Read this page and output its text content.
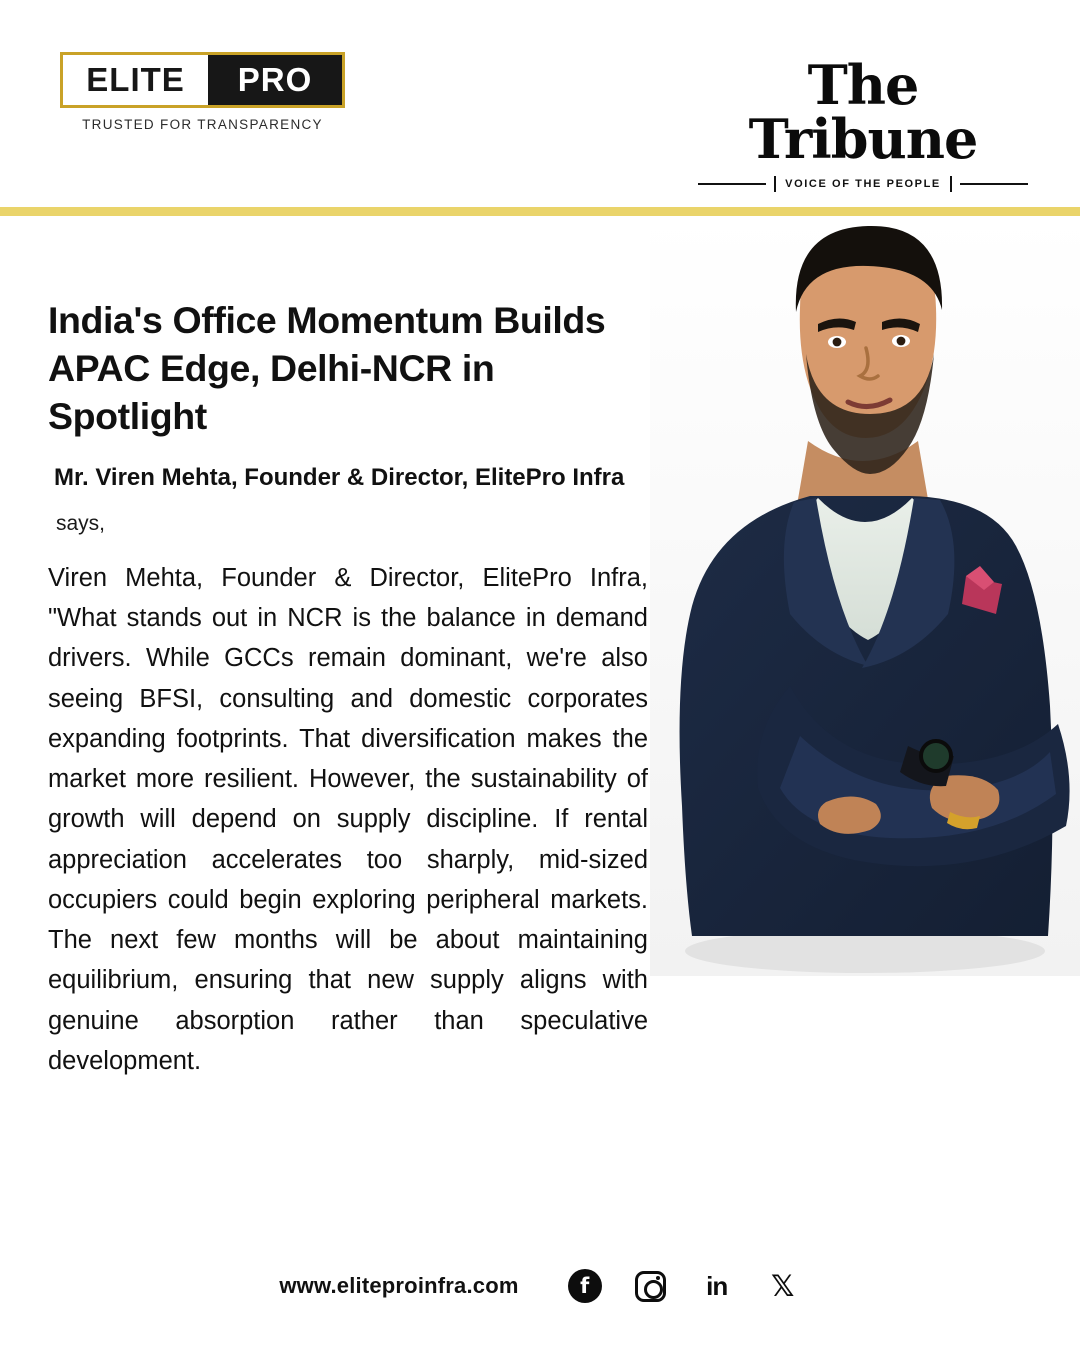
ELITE	PRO
TRUSTED FOR TRANSPARENCY
The Tribune
VOICE OF THE PEOPLE
India's Office Momentum Builds APAC Edge, Delhi-NCR in Spotlight
Mr. Viren Mehta, Founder & Director, ElitePro Infra
says,

Viren Mehta, Founder & Director, ElitePro Infra, "What stands out in NCR is the balance in demand drivers. While GCCs remain dominant, we're also seeing BFSI, consulting and domestic corporates expanding footprints. That diversification makes the market more resilient. However, the sustainability of growth will depend on supply discipline. If rental appreciation accelerates too sharply, mid-sized occupiers could begin exploring peripheral markets. The next few months will be about maintaining equilibrium, ensuring that new supply aligns with genuine absorption rather than speculative development.

www.eliteproinfra.com	f	in 𝕏
